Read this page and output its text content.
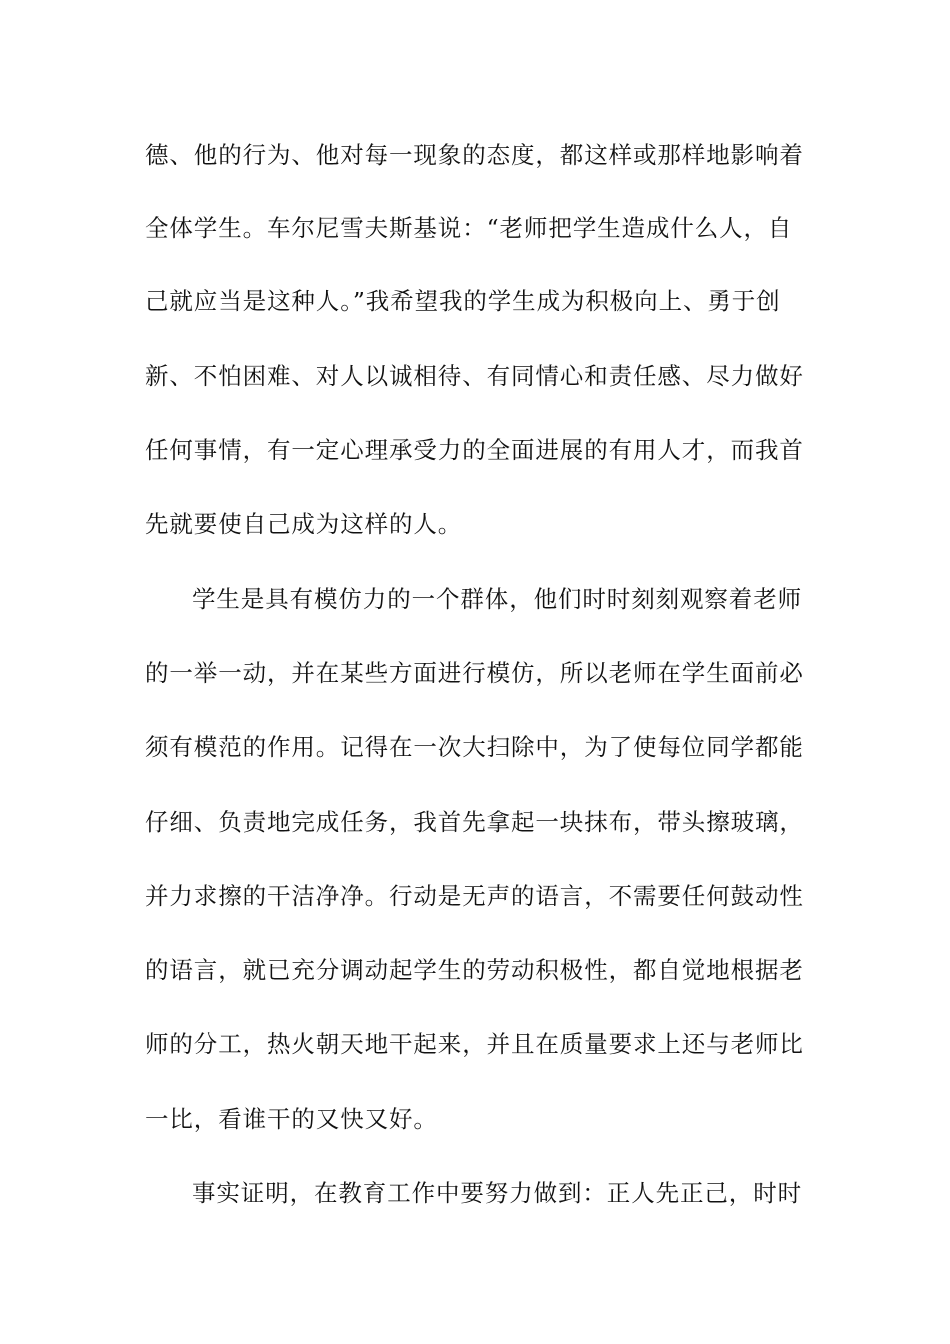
德、他的行为、他对每一现象的态度，都这样或那样地影响着
全体学生。车尔尼雪夫斯基说：“老师把学生造成什么人，自
己就应当是这种人。”我希望我的学生成为积极向上、勇于创
新、不怕困难、对人以诚相待、有同情心和责任感、尽力做好
任何事情，有一定心理承受力的全面进展的有用人才，而我首
先就要使自己成为这样的人。
学生是具有模仿力的一个群体，他们时时刻刻观察着老师
的一举一动，并在某些方面进行模仿，所以老师在学生面前必
须有模范的作用。记得在一次大扫除中，为了使每位同学都能
仔细、负责地完成任务，我首先拿起一块抹布，带头擦玻璃，
并力求擦的干洁净净。行动是无声的语言，不需要任何鼓动性
的语言，就已充分调动起学生的劳动积极性，都自觉地根据老
师的分工，热火朝天地干起来，并且在质量要求上还与老师比
一比，看谁干的又快又好。
事实证明，在教育工作中要努力做到：正人先正己，时时
